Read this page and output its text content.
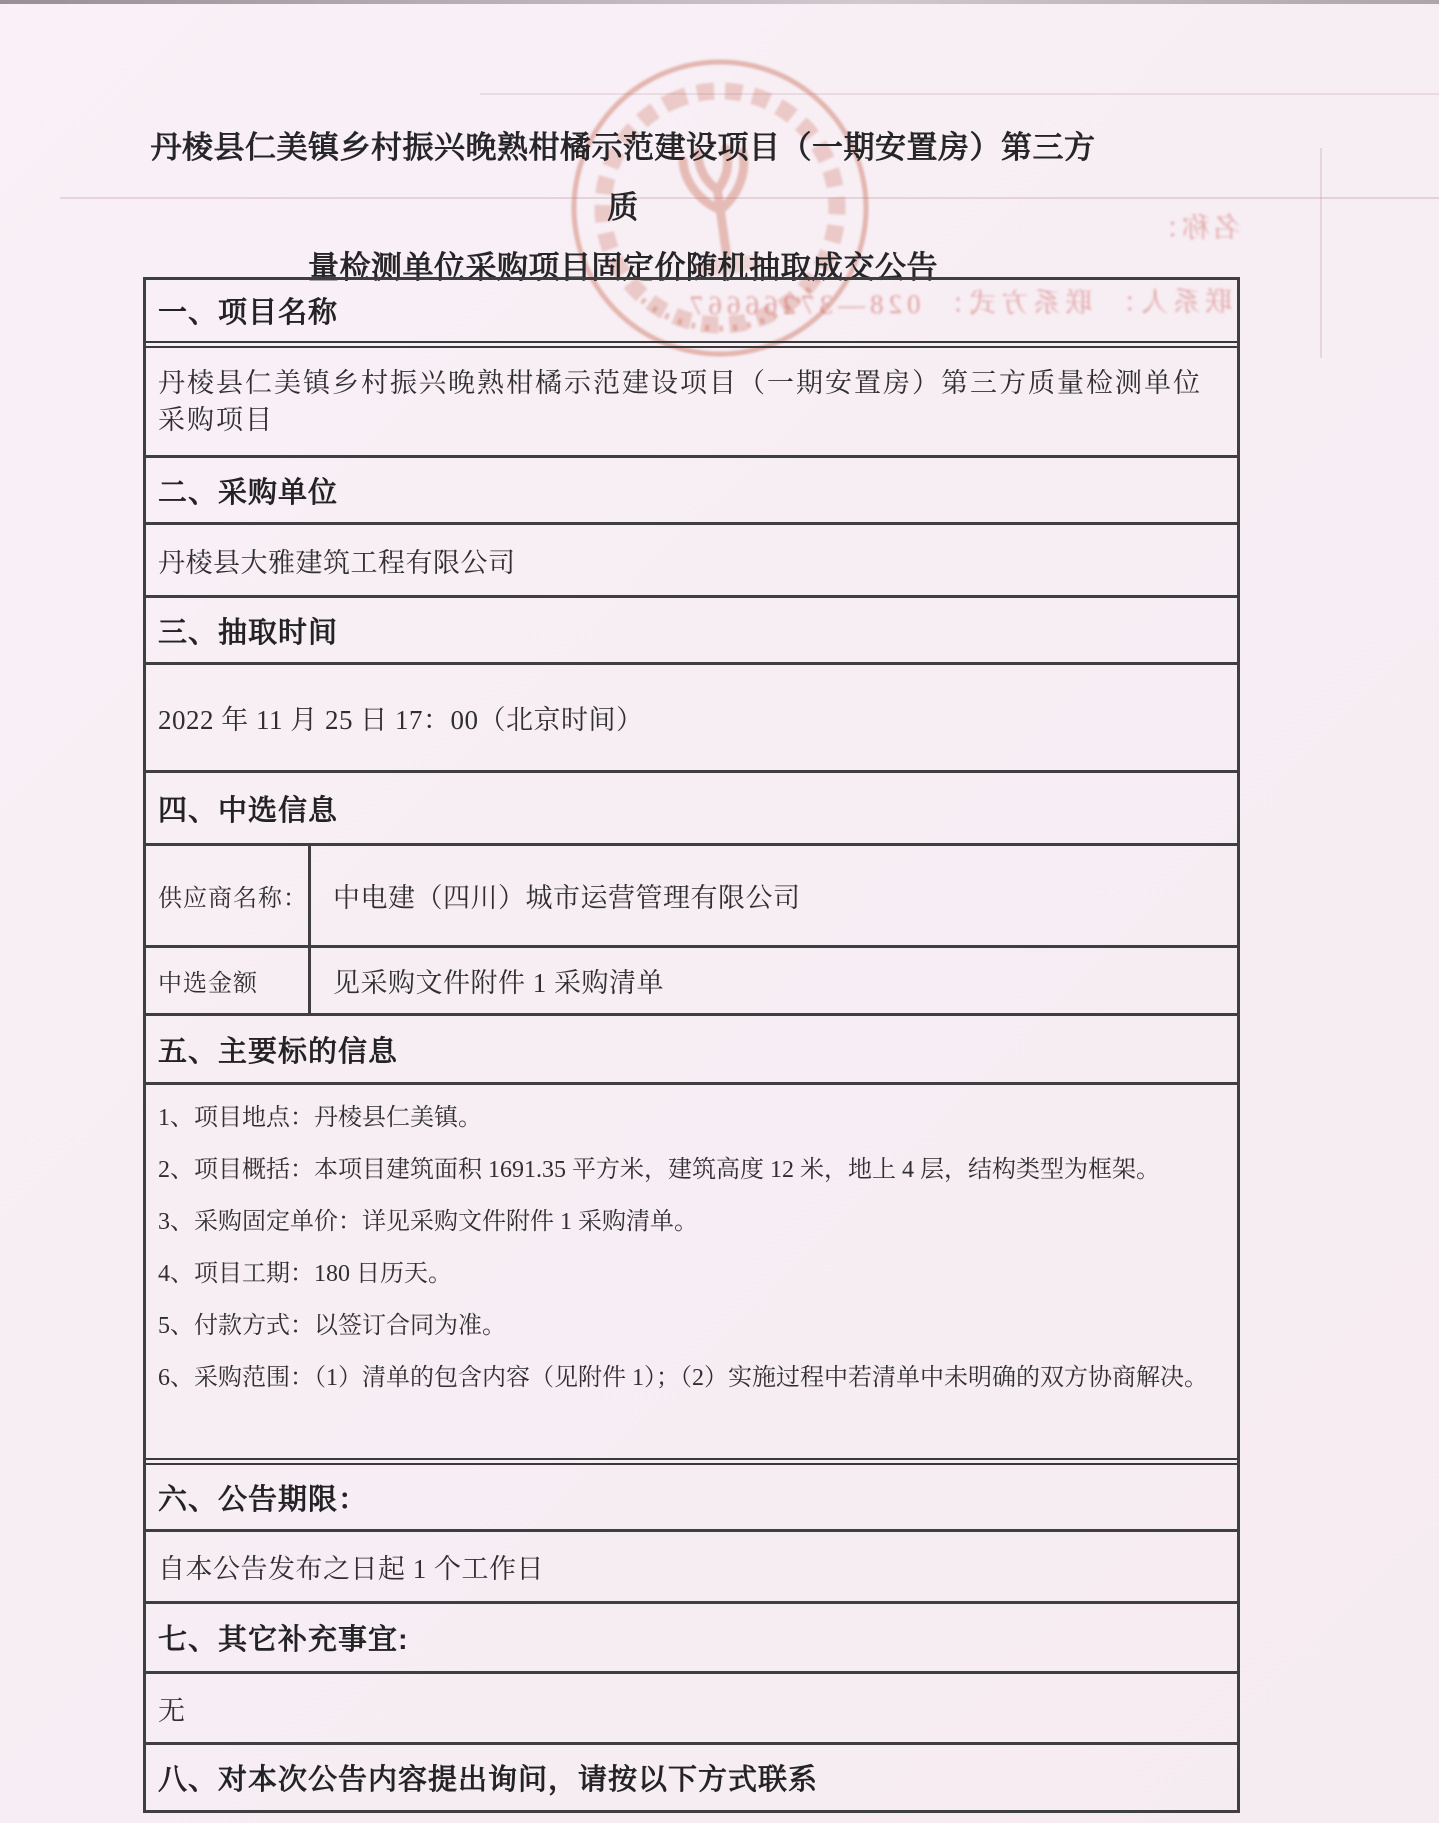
联系人： 联系方式： 028—37266667
名称：
丹棱县仁美镇乡村振兴晚熟柑橘示范建设项目（一期安置房）第三方质
量检测单位采购项目固定价随机抽取成交公告
一、项目名称
丹棱县仁美镇乡村振兴晚熟柑橘示范建设项目（一期安置房）第三方质量检测单位采购项目
二、采购单位
丹棱县大雅建筑工程有限公司
三、抽取时间
2022 年 11 月 25 日 17：00（北京时间）
四、中选信息
供应商名称： 中电建（四川）城市运营管理有限公司
中选金额	见采购文件附件 1 采购清单
五、主要标的信息

1、项目地点：丹棱县仁美镇。

2、项目概括：本项目建筑面积 1691.35 平方米，建筑高度 12 米，地上 4 层，结构类型为框架。

3、采购固定单价：详见采购文件附件 1 采购清单。

4、项目工期：180 日历天。

5、付款方式：以签订合同为准。

6、采购范围：（1）清单的包含内容（见附件 1）；（2）实施过程中若清单中未明确的双方协商解决。

六、公告期限：
自本公告发布之日起 1 个工作日
七、其它补充事宜:
无
八、对本次公告内容提出询问，请按以下方式联系
